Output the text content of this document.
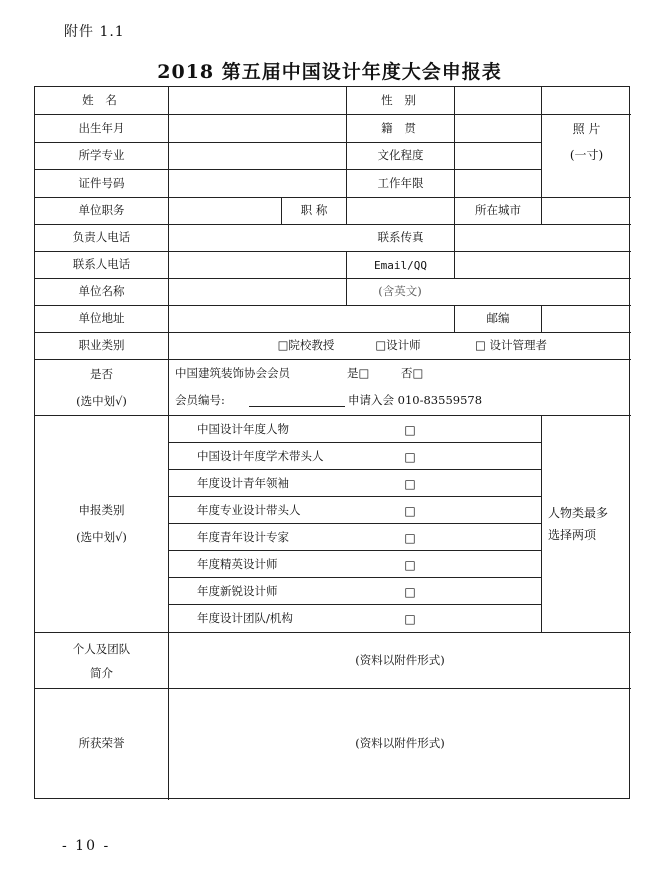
附件 1.1
2018 第五届中国设计年度大会申报表
姓 名	性 别
照 片
(一寸)
出生年月	籍 贯
所学专业	文化程度
证件号码	工作年限
单位职务	职 称	所在城市
负责人电话	联系传真
联系人电话	Email/QQ
单位名称	(含英文)
单位地址	邮编
职业类别	□院校教授	□设计师	□ 设计管理者
是否
(选中划√)
中国建筑装饰协会会员	是□	否□
会员编号:	申请入会 010-83559578
申报类别
(选中划√)
中国设计年度人物	□
中国设计年度学术带头人	□
年度设计青年领袖	□
年度专业设计带头人	□
年度青年设计专家	□
年度精英设计师	□
年度新锐设计师	□
年度设计团队/机构	□
人物类最多
选择两项
个人及团队
简介
(资料以附件形式)
所获荣誉	(资料以附件形式)
- 10 -
